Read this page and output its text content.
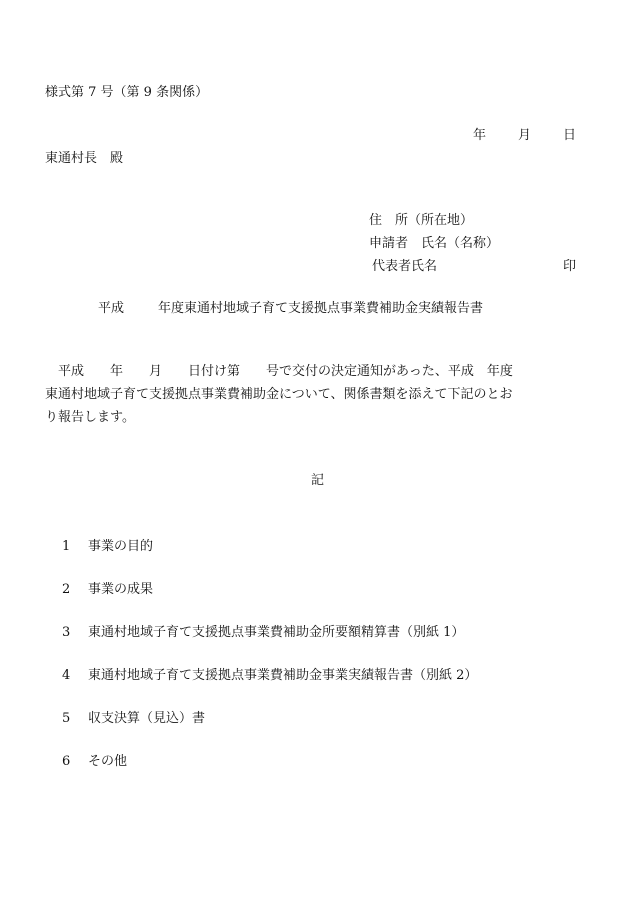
様式第 7 号（第 9 条関係）
年 月 日
東通村長　殿
住　所（所在地）
申請者　氏名（名称）
代表者氏名	印
平成	年度東通村地域子育て支援拠点事業費補助金実績報告書
　平成　　年　　月　　日付け第　　号で交付の決定通知があった、平成　年度
東通村地域子育て支援拠点事業費補助金について、関係書類を添えて下記のとお
り報告します。
記
1 事業の目的
2 事業の成果
3 東通村地域子育て支援拠点事業費補助金所要額精算書（別紙 1）
4 東通村地域子育て支援拠点事業費補助金事業実績報告書（別紙 2）
5 収支決算（見込）書
6 その他
